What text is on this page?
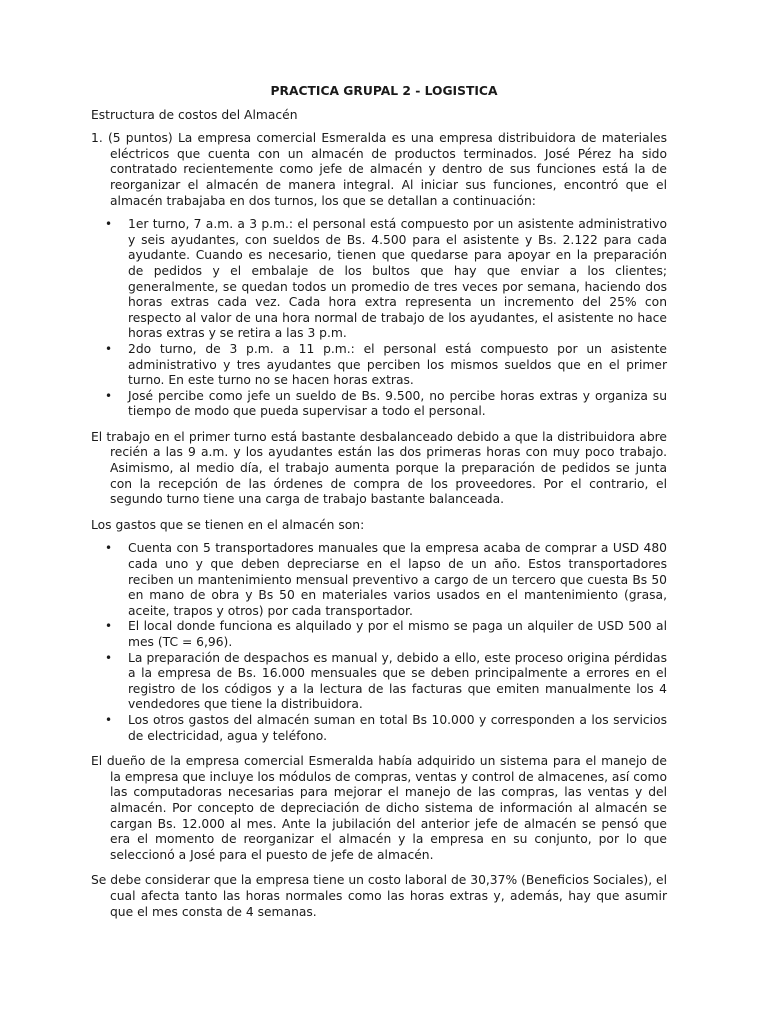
PRACTICA GRUPAL 2 - LOGISTICA

Estructura de costos del Almacén

1. (5 puntos) La empresa comercial Esmeralda es una empresa distribuidora de materiales eléctricos que cuenta con un almacén de productos terminados. José Pérez ha sido contratado recientemente como jefe de almacén y dentro de sus funciones está la de reorganizar el almacén de manera integral. Al iniciar sus funciones, encontró que el almacén trabajaba en dos turnos, los que se detallan a continuación:

• 1er turno, 7 a.m. a 3 p.m.: el personal está compuesto por un asistente administrativo y seis ayudantes, con sueldos de Bs. 4.500 para el asistente y Bs. 2.122 para cada ayudante. Cuando es necesario, tienen que quedarse para apoyar en la preparación de pedidos y el embalaje de los bultos que hay que enviar a los clientes; generalmente, se quedan todos un promedio de tres veces por semana, haciendo dos horas extras cada vez. Cada hora extra representa un incremento del 25% con respecto al valor de una hora normal de trabajo de los ayudantes, el asistente no hace horas extras y se retira a las 3 p.m.
• 2do turno, de 3 p.m. a 11 p.m.: el personal está compuesto por un asistente administrativo y tres ayudantes que perciben los mismos sueldos que en el primer turno. En este turno no se hacen horas extras.
• José percibe como jefe un sueldo de Bs. 9.500, no percibe horas extras y organiza su tiempo de modo que pueda supervisar a todo el personal.

El trabajo en el primer turno está bastante desbalanceado debido a que la distribuidora abre recién a las 9 a.m. y los ayudantes están las dos primeras horas con muy poco trabajo. Asimismo, al medio día, el trabajo aumenta porque la preparación de pedidos se junta con la recepción de las órdenes de compra de los proveedores. Por el contrario, el segundo turno tiene una carga de trabajo bastante balanceada.

Los gastos que se tienen en el almacén son:

• Cuenta con 5 transportadores manuales que la empresa acaba de comprar a USD 480 cada uno y que deben depreciarse en el lapso de un año. Estos transportadores reciben un mantenimiento mensual preventivo a cargo de un tercero que cuesta Bs 50 en mano de obra y Bs 50 en materiales varios usados en el mantenimiento (grasa, aceite, trapos y otros) por cada transportador.
• El local donde funciona es alquilado y por el mismo se paga un alquiler de USD 500 al mes (TC = 6,96).
• La preparación de despachos es manual y, debido a ello, este proceso origina pérdidas a la empresa de Bs. 16.000 mensuales que se deben principalmente a errores en el registro de los códigos y a la lectura de las facturas que emiten manualmente los 4 vendedores que tiene la distribuidora.
• Los otros gastos del almacén suman en total Bs 10.000 y corresponden a los servicios de electricidad, agua y teléfono.

El dueño de la empresa comercial Esmeralda había adquirido un sistema para el manejo de la empresa que incluye los módulos de compras, ventas y control de almacenes, así como las computadoras necesarias para mejorar el manejo de las compras, las ventas y del almacén. Por concepto de depreciación de dicho sistema de información al almacén se cargan Bs. 12.000 al mes. Ante la jubilación del anterior jefe de almacén se pensó que era el momento de reorganizar el almacén y la empresa en su conjunto, por lo que seleccionó a José para el puesto de jefe de almacén.

Se debe considerar que la empresa tiene un costo laboral de 30,37% (Beneficios Sociales), el cual afecta tanto las horas normales como las horas extras y, además, hay que asumir que el mes consta de 4 semanas.
